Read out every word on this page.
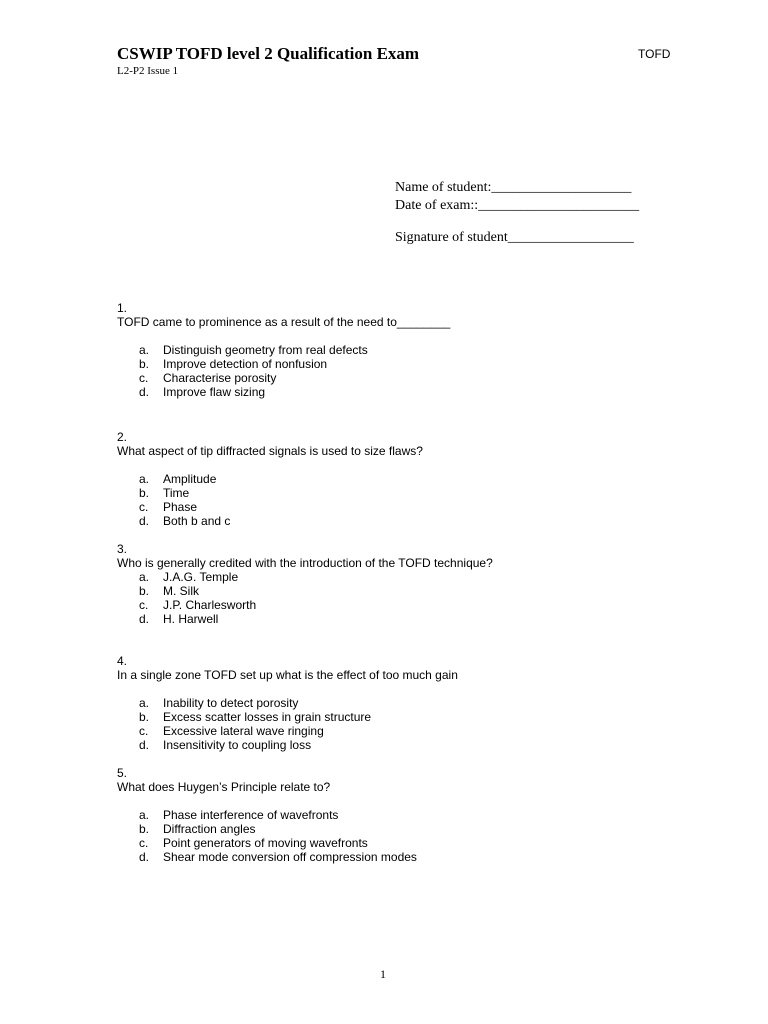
CSWIP TOFD level 2 Qualification Exam	TOFD
L2-P2 Issue 1
Name of student:____________________
Date of exam::_______________________
Signature of student__________________
1.
TOFD came to prominence as a result of the need to________
a.	Distinguish geometry from real defects
b.	Improve detection of nonfusion
c.	Characterise porosity
d.	Improve flaw sizing
2.
What aspect of tip diffracted signals is used to size flaws?
a.	Amplitude
b.	Time
c.	Phase
d.	Both b and c
3.
Who is generally credited with the introduction of the TOFD technique?
a.	J.A.G. Temple
b.	M. Silk
c.	J.P. Charlesworth
d.	H. Harwell
4.
In a single zone TOFD set up what is the effect of too much gain
a.	Inability to detect porosity
b.	Excess scatter losses in grain structure
c.	Excessive lateral wave ringing
d.	Insensitivity to coupling loss
5.
What does Huygen’s Principle relate to?
a.	Phase interference of wavefronts
b.	Diffraction angles
c.	Point generators of moving wavefronts
d.	Shear mode conversion off compression modes
1
